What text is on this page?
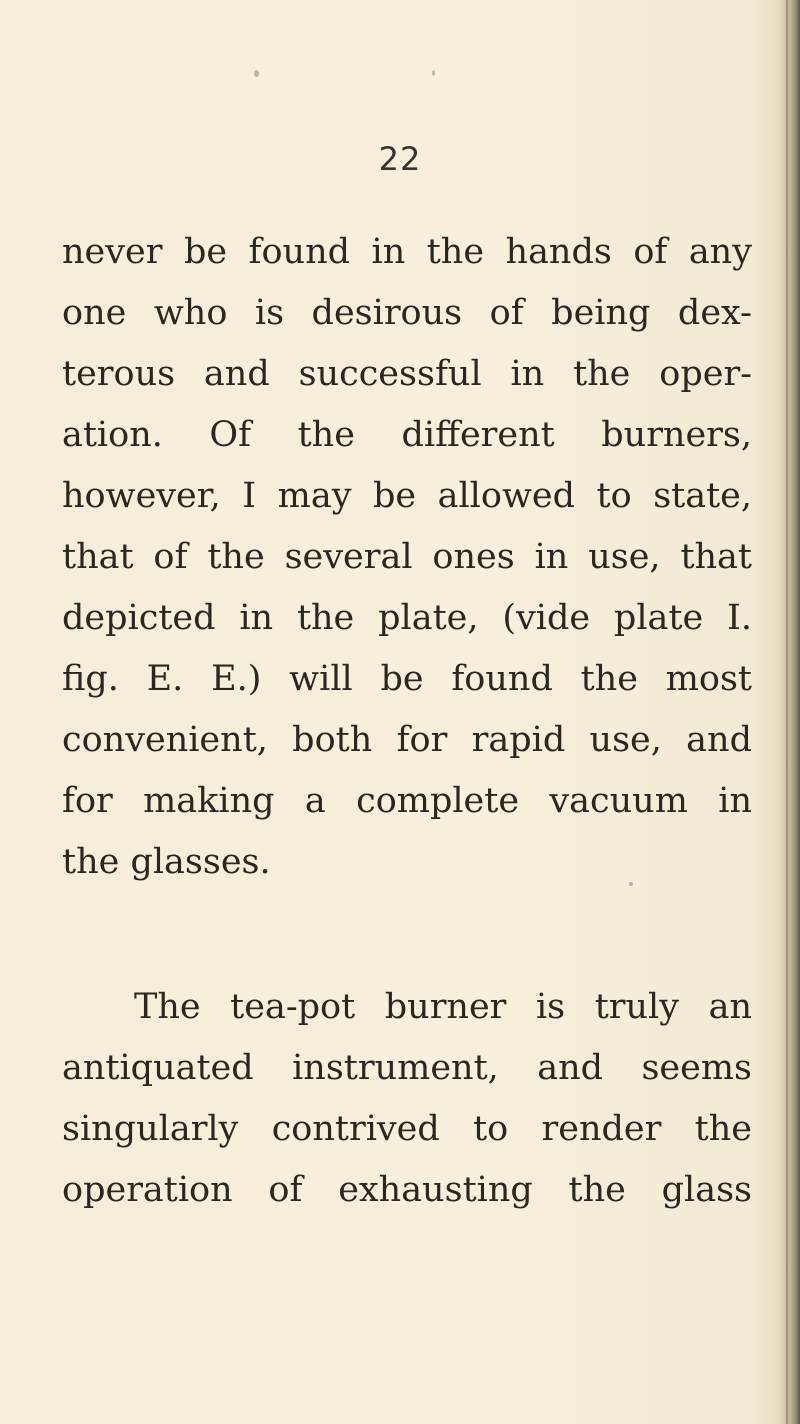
22
never be found in the hands of any
one who is desirous of being dex-
terous and successful in the oper-
ation. Of the different burners,
however, I may be allowed to state,
that of the several ones in use, that
depicted in the plate, (vide plate I.
fig. E. E.) will be found the most
convenient, both for rapid use, and
for making a complete vacuum in
the glasses.
The tea-pot burner is truly an
antiquated instrument, and seems
singularly contrived to render the
operation of exhausting the glass
